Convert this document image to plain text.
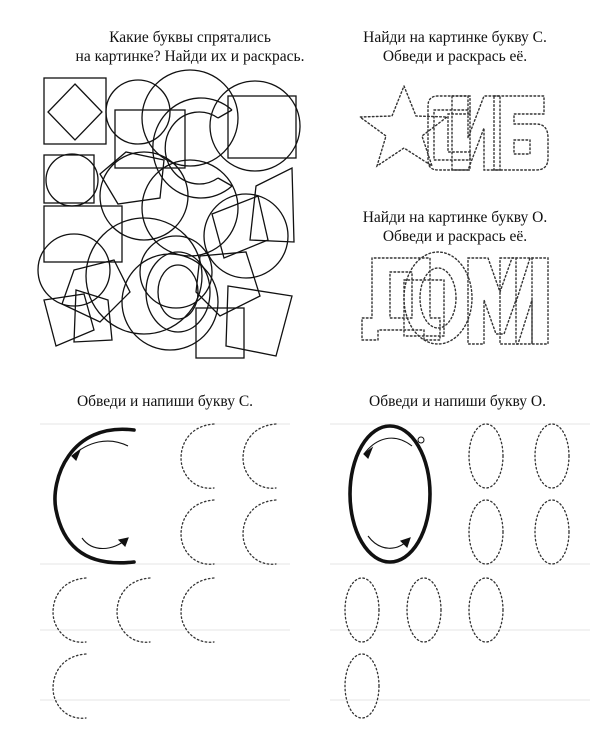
Какие буквы спрятались
на картинке? Найди их и раскрась.
Найди на картинке букву С.
Обведи и раскрась её.
Найди на картинке букву О.
Обведи и раскрась её.
Обведи и напиши букву С.	Обведи и напиши букву О.
